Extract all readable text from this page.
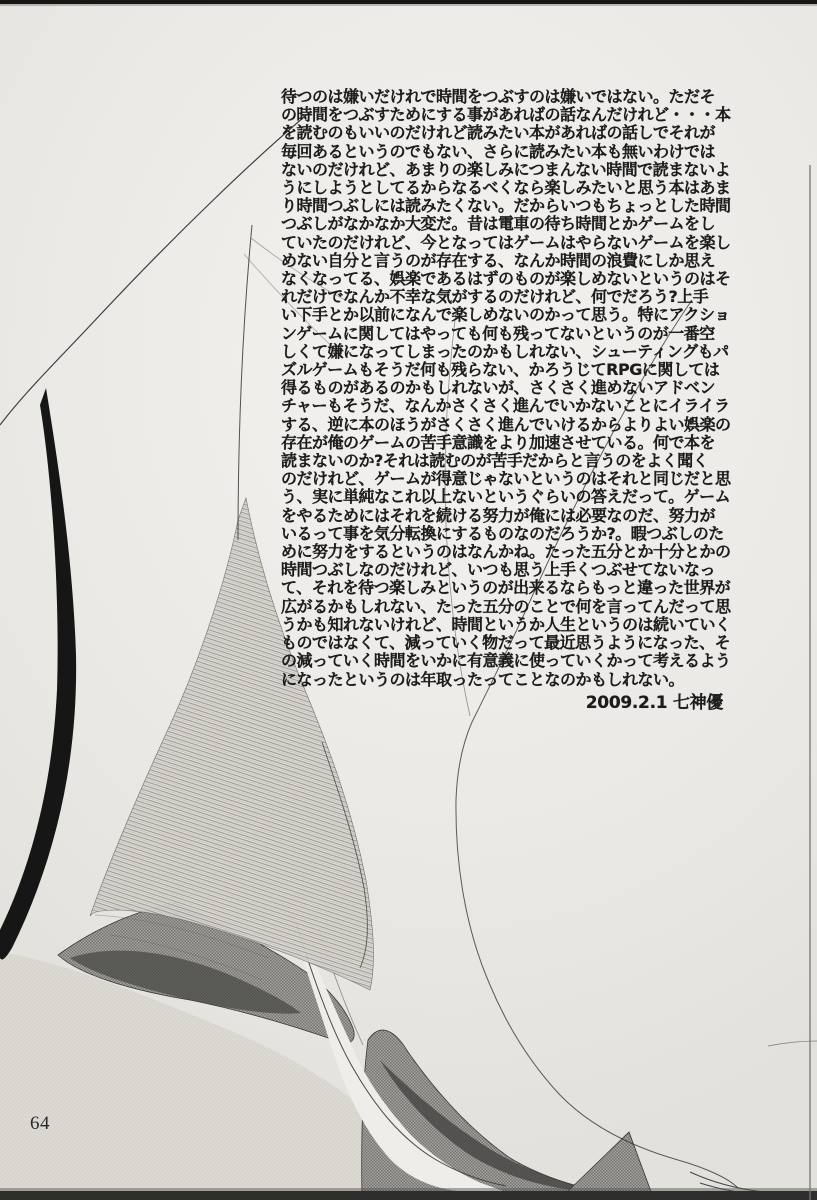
待つのは嫌いだけれで時間をつぶすのは嫌いではない。ただそ
の時間をつぶすためにする事があればの話なんだけれど・・・本
を読むのもいいのだけれど読みたい本があればの話しでそれが
毎回あるというのでもない、さらに読みたい本も無いわけでは
ないのだけれど、あまりの楽しみにつまんない時間で読まないよ
うにしようとしてるからなるべくなら楽しみたいと思う本はあま
り時間つぶしには読みたくない。だからいつもちょっとした時間
つぶしがなかなか大変だ。昔は電車の待ち時間とかゲームをし
ていたのだけれど、今となってはゲームはやらないゲームを楽し
めない自分と言うのが存在する、なんか時間の浪費にしか思え
なくなってる、娯楽であるはずのものが楽しめないというのはそ
れだけでなんか不幸な気がするのだけれど、何でだろう?上手
い下手とか以前になんで楽しめないのかって思う。特にアクショ
ンゲームに関してはやっても何も残ってないというのが一番空
しくて嫌になってしまったのかもしれない、シューティングもパ
ズルゲームもそうだ何も残らない、かろうじてRPGに関しては
得るものがあるのかもしれないが、さくさく進めないアドベン
チャーもそうだ、なんかさくさく進んでいかないことにイライラ
する、逆に本のほうがさくさく進んでいけるからよりよい娯楽の
存在が俺のゲームの苦手意識をより加速させている。何で本を
読まないのか?それは読むのが苦手だからと言うのをよく聞く
のだけれど、ゲームが得意じゃないというのはそれと同じだと思
う、実に単純なこれ以上ないというぐらいの答えだって。ゲーム
をやるためにはそれを続ける努力が俺には必要なのだ、努力が
いるって事を気分転換にするものなのだろうか?。暇つぶしのた
めに努力をするというのはなんかね。たった五分とか十分とかの
時間つぶしなのだけれど、いつも思う上手くつぶせてないなっ
て、それを待つ楽しみというのが出来るならもっと違った世界が
広がるかもしれない、たった五分のことで何を言ってんだって思
うかも知れないけれど、時間というか人生というのは続いていく
ものではなくて、減っていく物だって最近思うようになった、そ
の減っていく時間をいかに有意義に使っていくかって考えるよう
になったというのは年取ったってことなのかもしれない。
2009.2.1 七神優
64
